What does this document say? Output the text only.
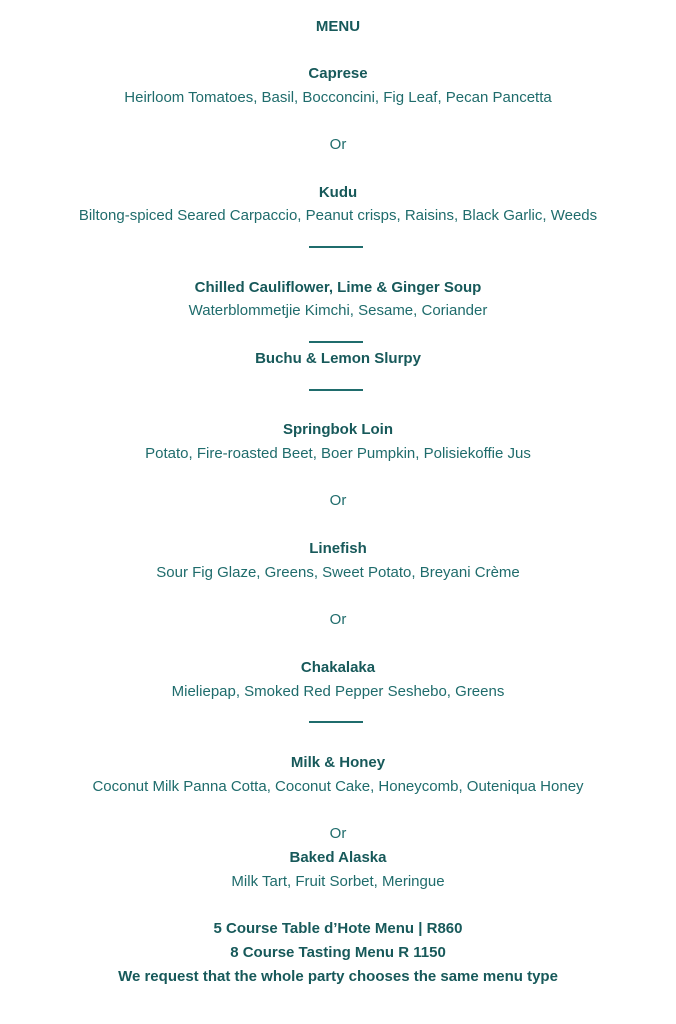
MENU
Caprese
Heirloom Tomatoes, Basil, Bocconcini, Fig Leaf, Pecan Pancetta
Or
Kudu
Biltong-spiced Seared Carpaccio, Peanut crisps, Raisins, Black Garlic, Weeds
Chilled Cauliflower, Lime & Ginger Soup
Waterblommetjie Kimchi, Sesame, Coriander
Buchu & Lemon Slurpy
Springbok Loin
Potato, Fire-roasted Beet, Boer Pumpkin, Polisiekoffie Jus
Or
Linefish
Sour Fig Glaze, Greens, Sweet Potato, Breyani Crème
Or
Chakalaka
Mieliepap, Smoked Red Pepper Seshebo, Greens
Milk & Honey
Coconut Milk Panna Cotta, Coconut Cake, Honeycomb, Outeniqua Honey
Or
Baked Alaska
Milk Tart, Fruit Sorbet, Meringue
5 Course Table d’Hote Menu | R860
8 Course Tasting Menu R 1150
We request that the whole party chooses the same menu type
